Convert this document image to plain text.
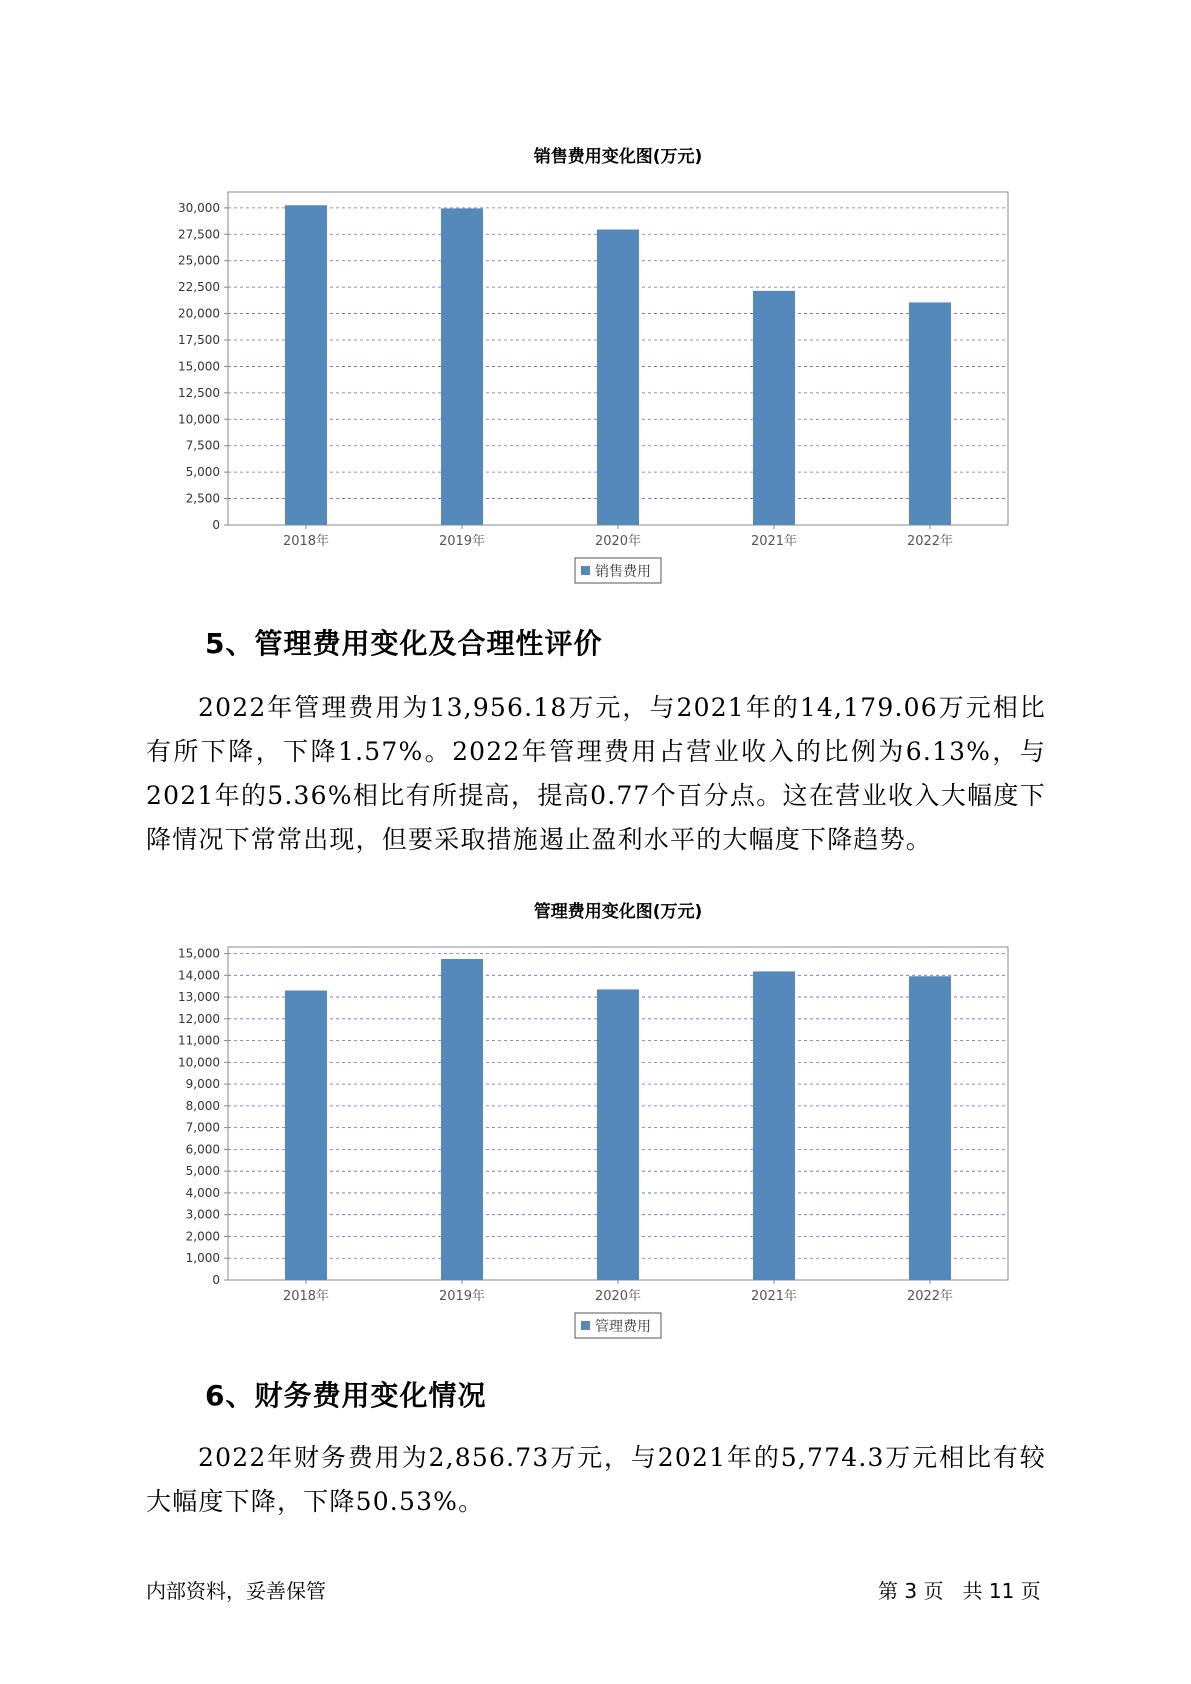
销售费用变化图(万元)
0
2,500
5,000
7,500
10,000
12,500
15,000
17,500
20,000
22,500
25,000
27,500
30,000
2018年	2019年	2020年	2021年	2022年
销售费用
5、管理费用变化及合理性评价

2022年管理费用为13,956.18万元，与2021年的14,179.06万元相比有所下降，下降1.57%。2022年管理费用占营业收入的比例为6.13%，与2021年的5.36%相比有所提高，提高0.77个百分点。这在营业收入大幅度下降情况下常常出现，但要采取措施遏止盈利水平的大幅度下降趋势。

管理费用变化图(万元)
0
1,000
2,000
3,000
4,000
5,000
6,000
7,000
8,000
9,000
10,000
11,000
12,000
13,000
14,000
15,000
2018年	2019年	2020年	2021年	2022年
管理费用
6、财务费用变化情况

2022年财务费用为2,856.73万元，与2021年的5,774.3万元相比有较大幅度下降，下降50.53%。

内部资料，妥善保管	第 3 页   共 11 页
